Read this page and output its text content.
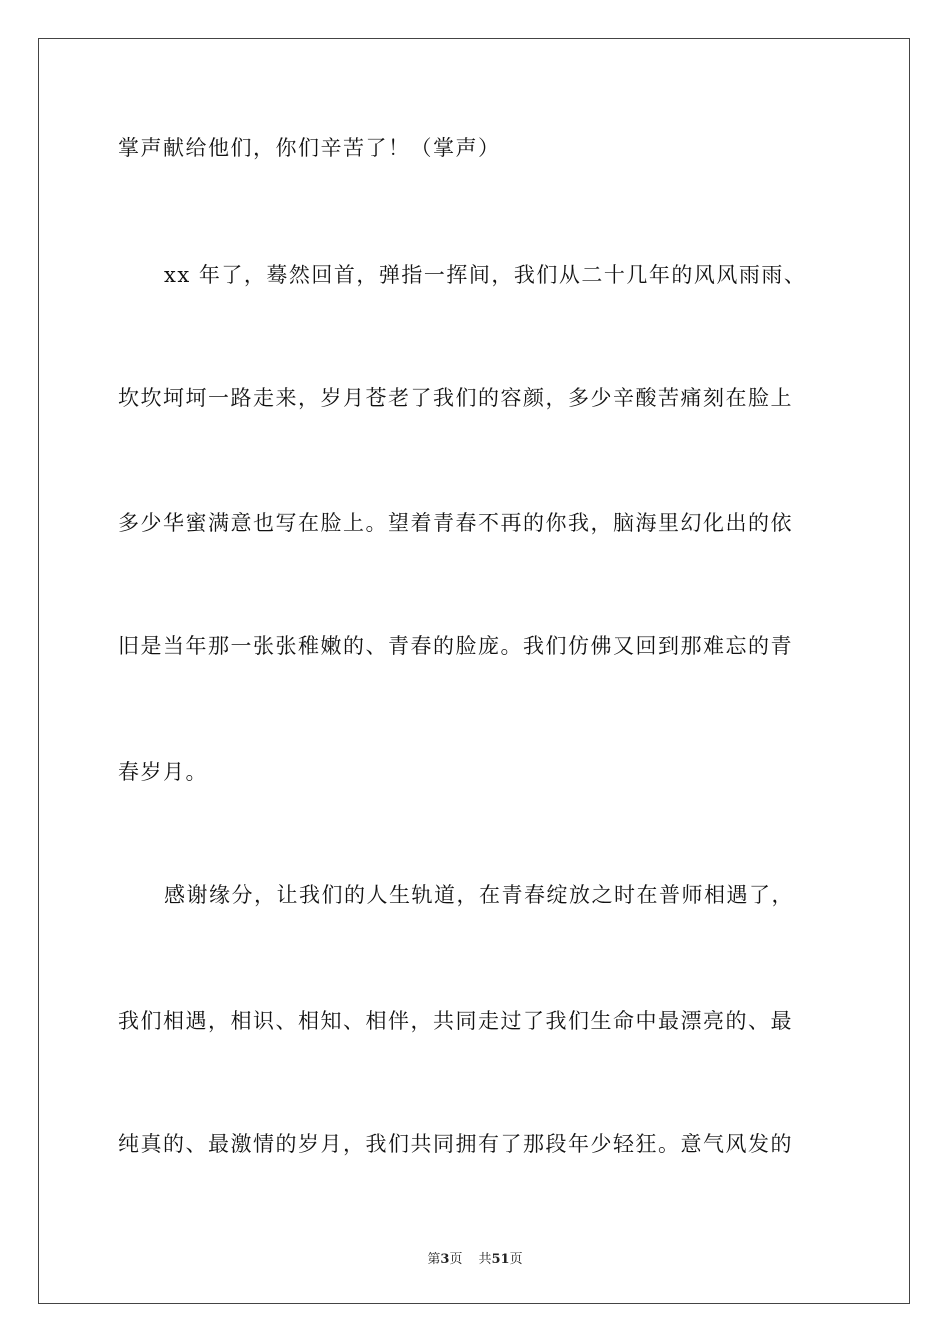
掌声献给他们，你们辛苦了！（掌声）

xx 年了，蓦然回首，弹指一挥间，我们从二十几年的风风雨雨、

坎坎坷坷一路走来，岁月苍老了我们的容颜，多少辛酸苦痛刻在脸上

多少华蜜满意也写在脸上。望着青春不再的你我，脑海里幻化出的依

旧是当年那一张张稚嫩的、青春的脸庞。我们仿佛又回到那难忘的青

春岁月。

感谢缘分，让我们的人生轨道，在青春绽放之时在普师相遇了，

我们相遇，相识、相知、相伴，共同走过了我们生命中最漂亮的、最

纯真的、最激情的岁月，我们共同拥有了那段年少轻狂。意气风发的

第3页 共51页
